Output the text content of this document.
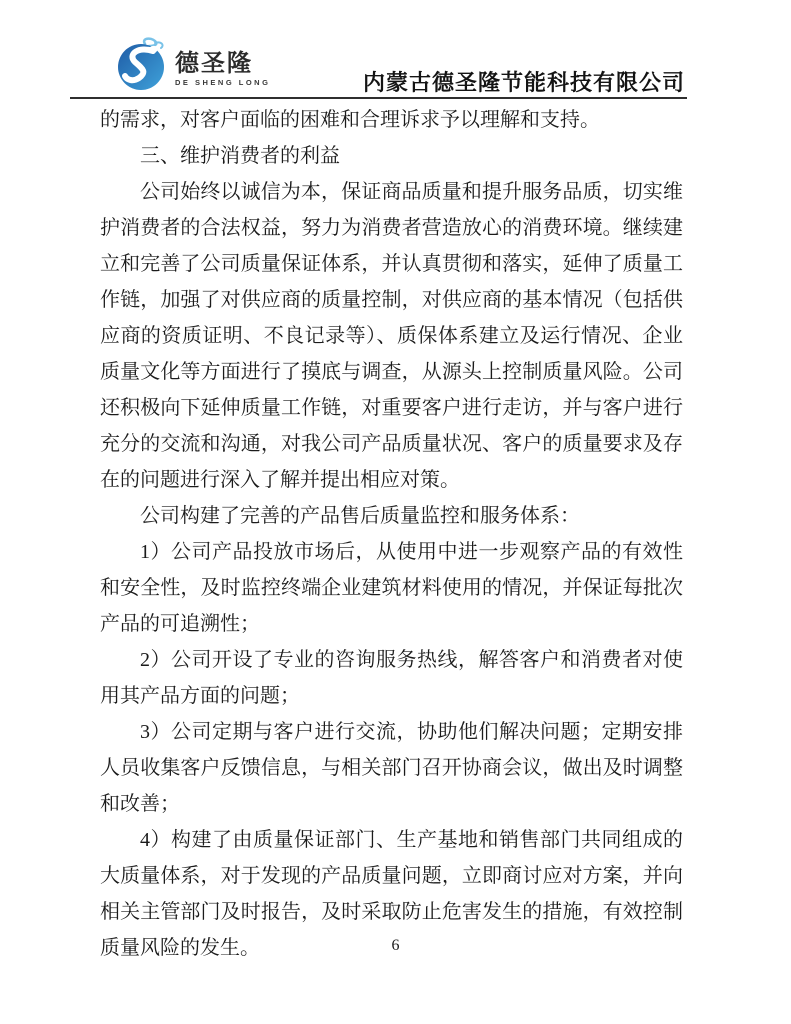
德圣隆
DE SHENG LONG	内蒙古德圣隆节能科技有限公司

的需求，对客户面临的困难和合理诉求予以理解和支持。

三、维护消费者的利益

公司始终以诚信为本，保证商品质量和提升服务品质，切实维护消费者的合法权益，努力为消费者营造放心的消费环境。继续建立和完善了公司质量保证体系，并认真贯彻和落实，延伸了质量工作链，加强了对供应商的质量控制，对供应商的基本情况（包括供应商的资质证明、不良记录等）、质保体系建立及运行情况、企业质量文化等方面进行了摸底与调查，从源头上控制质量风险。公司还积极向下延伸质量工作链，对重要客户进行走访，并与客户进行充分的交流和沟通，对我公司产品质量状况、客户的质量要求及存在的问题进行深入了解并提出相应对策。

公司构建了完善的产品售后质量监控和服务体系：

1）公司产品投放市场后，从使用中进一步观察产品的有效性和安全性，及时监控终端企业建筑材料使用的情况，并保证每批次产品的可追溯性；

2）公司开设了专业的咨询服务热线，解答客户和消费者对使用其产品方面的问题；

3）公司定期与客户进行交流，协助他们解决问题；定期安排人员收集客户反馈信息，与相关部门召开协商会议，做出及时调整和改善；

4）构建了由质量保证部门、生产基地和销售部门共同组成的大质量体系，对于发现的产品质量问题，立即商讨应对方案，并向相关主管部门及时报告，及时采取防止危害发生的措施，有效控制质量风险的发生。	6
